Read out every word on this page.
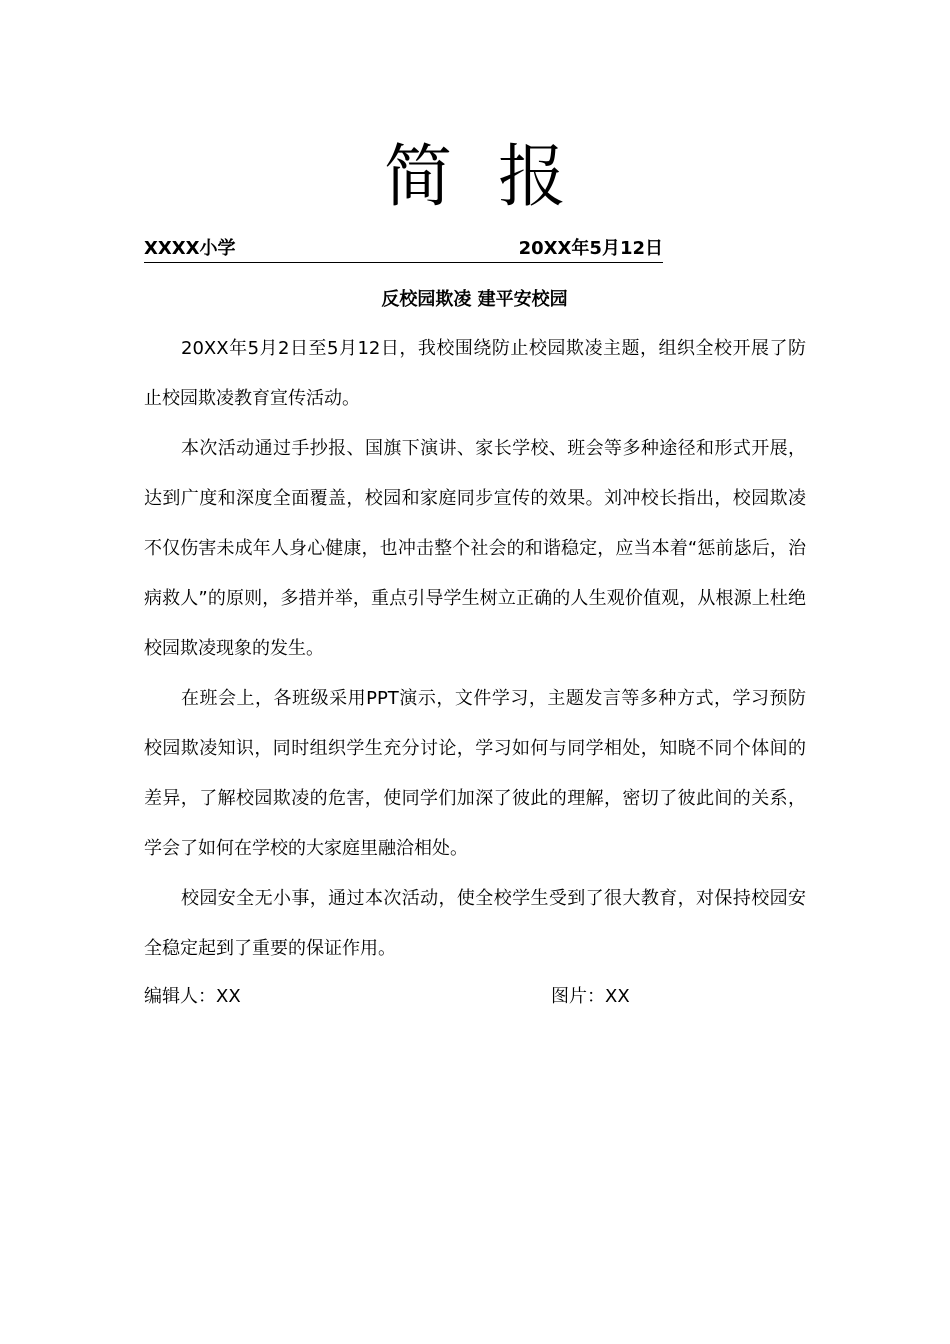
简报
XXXX小学	20XX年5月12日
反校园欺凌 建平安校园

20XX年5月2日至5月12日，我校围绕防止校园欺凌主题，组织全校开展了防止校园欺凌教育宣传活动。

本次活动通过手抄报、国旗下演讲、家长学校、班会等多种途径和形式开展，达到广度和深度全面覆盖，校园和家庭同步宣传的效果。刘冲校长指出，校园欺凌不仅伤害未成年人身心健康，也冲击整个社会的和谐稳定，应当本着“惩前毖后，治病救人”的原则，多措并举，重点引导学生树立正确的人生观价值观，从根源上杜绝校园欺凌现象的发生。

在班会上，各班级采用PPT演示，文件学习，主题发言等多种方式，学习预防校园欺凌知识，同时组织学生充分讨论，学习如何与同学相处，知晓不同个体间的差异，了解校园欺凌的危害，使同学们加深了彼此的理解，密切了彼此间的关系，学会了如何在学校的大家庭里融洽相处。

校园安全无小事，通过本次活动，使全校学生受到了很大教育，对保持校园安全稳定起到了重要的保证作用。

编辑人：XX	图片：XX
